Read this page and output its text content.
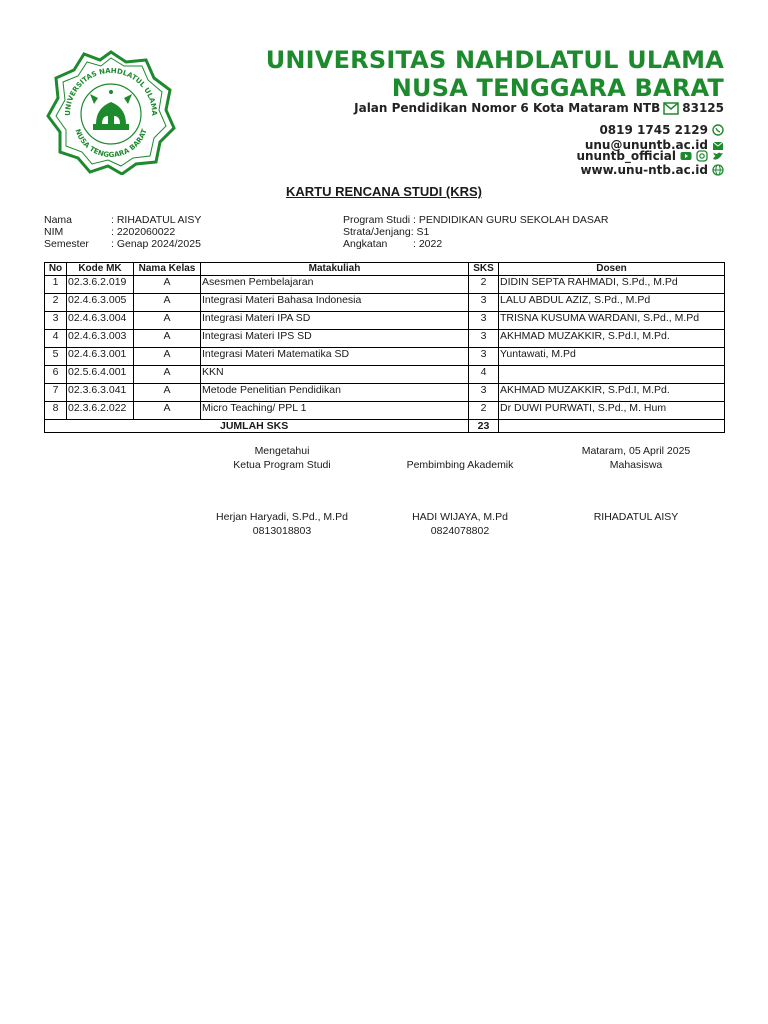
UNIVERSITAS NAHDLATUL ULAMA
NUSA TENGGARA BARAT
UNIVERSITAS NAHDLATUL ULAMA
NUSA TENGGARA BARAT
Jalan Pendidikan Nomor 6 Kota Mataram NTB 83125
0819 1745 2129
unu@ununtb.ac.id
ununtb_official
www.unu-ntb.ac.id
KARTU RENCANA STUDI (KRS)
Nama	: RIHADATUL AISY
NIM	: 2202060022
Semester	: Genap 2024/2025
Program Studi : PENDIDIKAN GURU SEKOLAH DASAR
Strata/Jenjang: S1
Angkatan	: 2022
No	Kode MK	Nama Kelas	Matakuliah	SKS	Dosen
1	02.3.6.2.019	A	Asesmen Pembelajaran	2	DIDIN SEPTA RAHMADI, S.Pd., M.Pd
2	02.4.6.3.005	A	Integrasi Materi Bahasa Indonesia	3	LALU ABDUL AZIZ, S.Pd., M.Pd
3	02.4.6.3.004	A	Integrasi Materi IPA SD	3	TRISNA KUSUMA WARDANI, S.Pd., M.Pd
4	02.4.6.3.003	A	Integrasi Materi IPS SD	3	AKHMAD MUZAKKIR, S.Pd.I, M.Pd.
5	02.4.6.3.001	A	Integrasi Materi Matematika SD	3	Yuntawati, M.Pd
6	02.5.6.4.001	A	KKN	4	
7	02.3.6.3.041	A	Metode Penelitian Pendidikan	3	AKHMAD MUZAKKIR, S.Pd.I, M.Pd.
8	02.3.6.2.022	A	Micro Teaching/ PPL 1	2	Dr DUWI PURWATI, S.Pd., M. Hum
JUMLAH SKS				23	
Mengetahui
Ketua Program Studi
Herjan Haryadi, S.Pd., M.Pd
0813018803
Pembimbing Akademik
HADI WIJAYA, M.Pd
0824078802
Mataram, 05 April 2025
Mahasiswa
RIHADATUL AISY
